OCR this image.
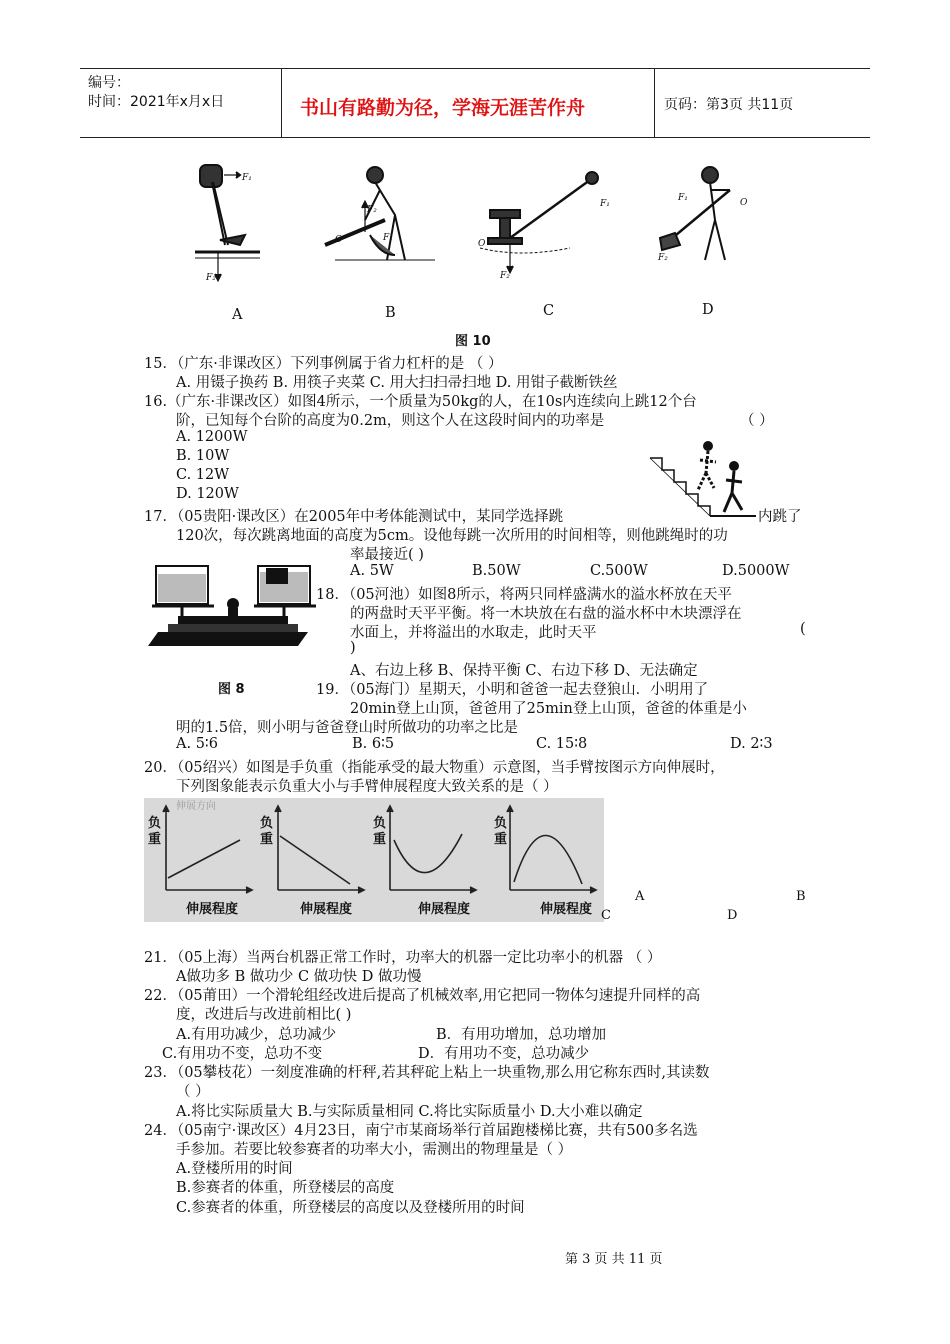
编号：
时间：2021年x月x日	书山有路勤为径，学海无涯苦作舟	页码：第3页 共11页
F₁
F₂
F₂
O	F₁
F₂
F₁
O
F₂
O
F₁
A	B	C	D
图 10
15．（广东·非课改区）下列事例属于省力杠杆的是 （ ）
A. 用镊子换药 B. 用筷子夹菜 C. 用大扫扫帚扫地 D. 用钳子截断铁丝
16.（广东·非课改区）如图4所示，一个质量为50kg的人，在10s内连续向上跳12个台
阶，已知每个台阶的高度为0.2m，则这个人在这段时间内的功率是	（ ）
A. 1200W
B. 10W
C. 12W
D. 120W
17．（05贵阳·课改区）在2005年中考体能测试中，某同学选择跳	内跳了
120次，每次跳离地面的高度为5cm。设他每跳一次所用的时间相等，则他跳绳时的功
率最接近( )
A. 5W	B.50W	C.500W	D.5000W
18．（05河池）如图8所示，将两只同样盛满水的溢水杯放在天平
的两盘时天平平衡。将一木块放在右盘的溢水杯中木块漂浮在
水面上，并将溢出的水取走，此时天平	(
)
A、右边上移 B、保持平衡 C、右边下移 D、无法确定
图 8	19．（05海门）星期天，小明和爸爸一起去登狼山．小明用了
20min登上山顶，爸爸用了25min登上山顶，爸爸的体重是小
明的1.5倍，则小明与爸爸登山时所做功的功率之比是
A. 5∶6	B. 6∶5	C. 15∶8	D. 2∶3
20．（05绍兴）如图是手负重（指能承受的最大物重）示意图，当手臂按图示方向伸展时，
下列图象能表示负重大小与手臂伸展程度大致关系的是（ ）
伸展方向
负重
负重
负重
负重
伸展程度	伸展程度	伸展程度	伸展程度
A	B
C	D
21．（05上海）当两台机器正常工作时，功率大的机器一定比功率小的机器 （ ）
A做功多 B 做功少 C 做功快 D 做功慢
22．（05莆田）一个滑轮组经改进后提高了机械效率,用它把同一物体匀速提升同样的高
度，改进后与改进前相比( )
A.有用功减少，总功减少	B．有用功增加，总功增加
C.有用功不变，总功不变	D．有用功不变，总功减少
23．（05攀枝花）一刻度准确的杆秤,若其秤砣上粘上一块重物,那么用它称东西时,其读数
（ ）
A.将比实际质量大 B.与实际质量相同 C.将比实际质量小 D.大小难以确定
24．（05南宁·课改区）4月23日，南宁市某商场举行首届跑楼梯比赛，共有500多名选
手参加。若要比较参赛者的功率大小，需测出的物理量是（ ）
A.登楼所用的时间
B.参赛者的体重，所登楼层的高度
C.参赛者的体重，所登楼层的高度以及登楼所用的时间
第 3 页 共 11 页
